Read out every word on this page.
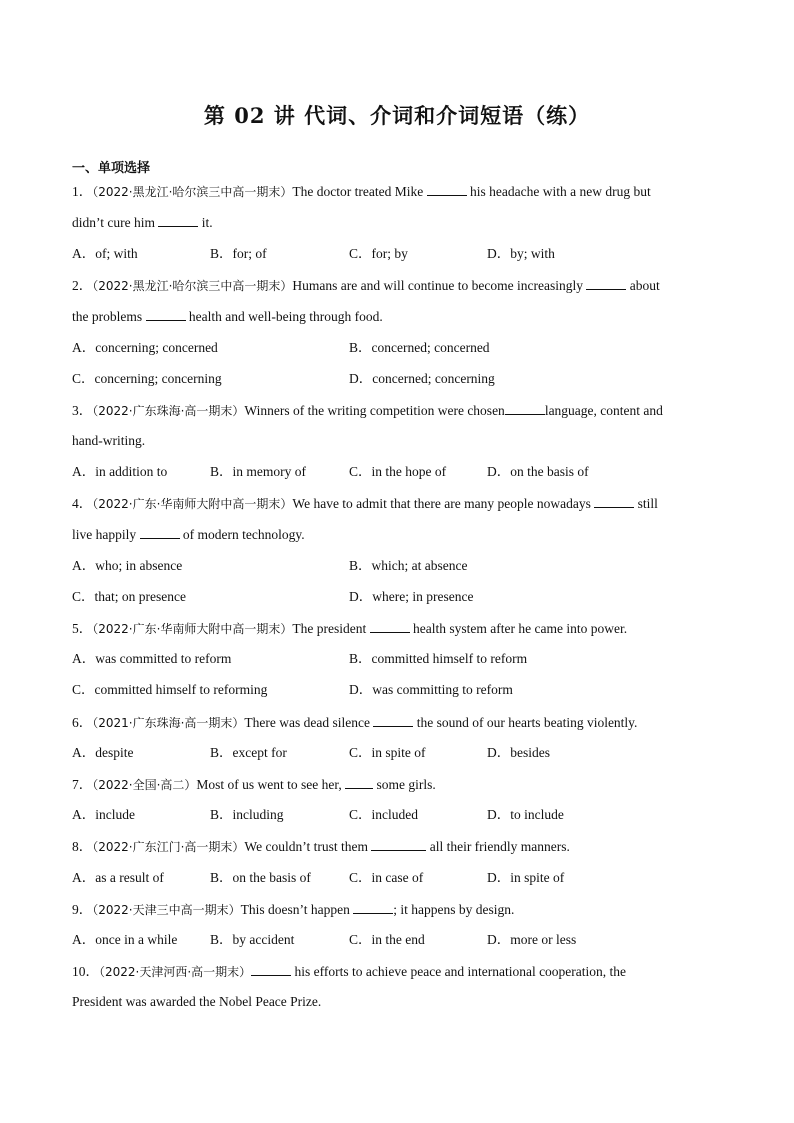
第 02 讲 代词、介词和介词短语（练）
一、单项选择
1．（2022·黑龙江·哈尔滨三中高一期末）The doctor treated Mike	his headache with a new drug but
didn’t cure him	it.
A．of; with	B．for; of	C．for; by	D．by; with
2．（2022·黑龙江·哈尔滨三中高一期末）Humans are and will continue to become increasingly	about
the problems	health and well-being through food.
A．concerning; concerned	B．concerned; concerned
C．concerning; concerning	D．concerned; concerning
3．（2022·广东珠海·高一期末）Winners of the writing competition were chosen	language, content and
hand-writing.
A．in addition to	B．in memory of	C．in the hope of	D．on the basis of
4．（2022·广东·华南师大附中高一期末）We have to admit that there are many people nowadays	still
live happily	of modern technology.
A．who; in absence	B．which; at absence
C．that; on presence	D．where; in presence
5．（2022·广东·华南师大附中高一期末）The president	health system after he came into power.
A．was committed to reform	B．committed himself to reform
C．committed himself to reforming	D．was committing to reform
6．（2021·广东珠海·高一期末）There was dead silence	the sound of our hearts beating violently.
A．despite	B．except for	C．in spite of	D．besides
7．（2022·全国·高二）Most of us went to see her,	some girls.
A．include	B．including	C．included	D．to include
8．（2022·广东江门·高一期末）We couldn’t trust them	all their friendly manners.
A．as a result of	B．on the basis of	C．in case of	D．in spite of
9．（2022·天津三中高一期末）This doesn’t happen	; it happens by design.
A．once in a while B．by accident	C．in the end	D．more or less
10．（2022·天津河西·高一期末）	his efforts to achieve peace and international cooperation, the
President was awarded the Nobel Peace Prize.
